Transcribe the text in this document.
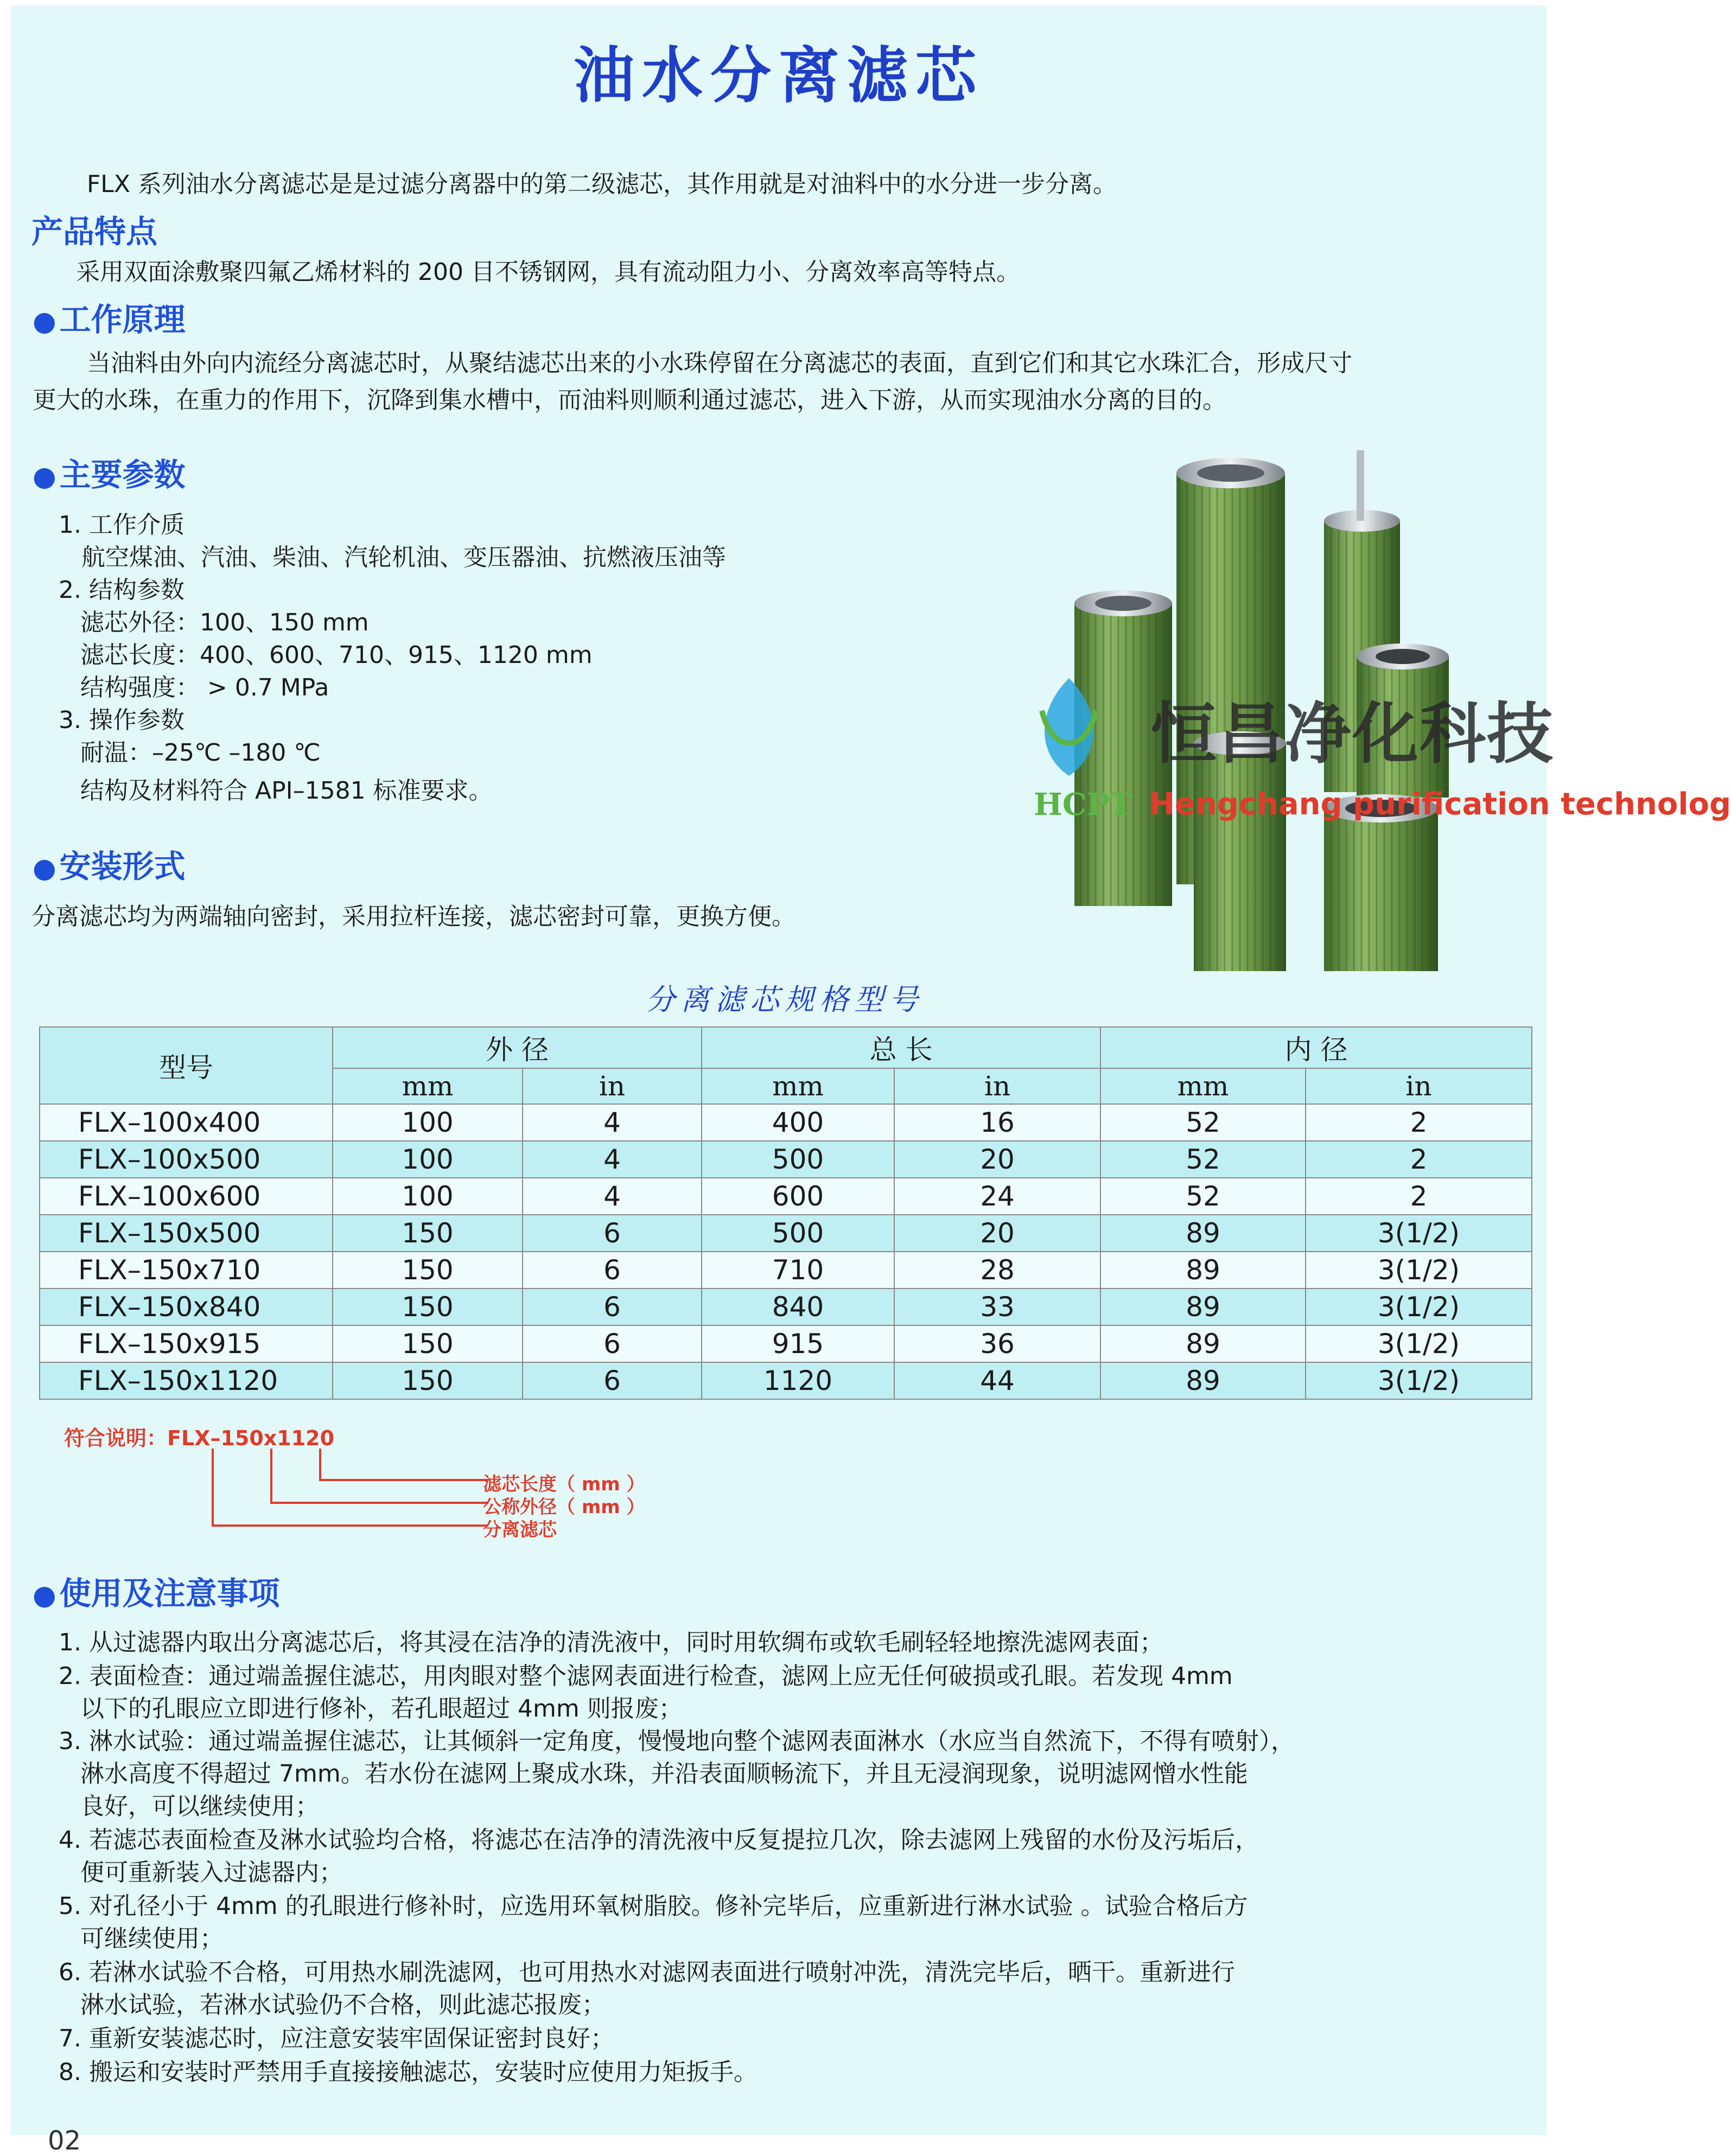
油水分离滤芯
FLX 系列油水分离滤芯是是过滤分离器中的第二级滤芯，其作用就是对油料中的水分进一步分离。
产品特点
采用双面涂敷聚四氟乙烯材料的 200 目不锈钢网，具有流动阻力小、分离效率高等特点。
● 工作原理
当油料由外向内流经分离滤芯时，从聚结滤芯出来的小水珠停留在分离滤芯的表面，直到它们和其它水珠汇合，形成尺寸
更大的水珠，在重力的作用下，沉降到集水槽中，而油料则顺利通过滤芯，进入下游，从而实现油水分离的目的。
● 主要参数
1. 工作介质
航空煤油、汽油、柴油、汽轮机油、变压器油、抗燃液压油等
2. 结构参数
滤芯外径：100、150 mm
滤芯长度：400、600、710、915、1120 mm
结构强度： > 0.7 MPa
3. 操作参数
耐温：–25℃ –180 ℃
结构及材料符合 API–1581 标准要求。
● 安装形式
分离滤芯均为两端轴向密封，采用拉杆连接，滤芯密封可靠，更换方便。
恒昌净化科技
HCPT Hengchang purification technolog
分离滤芯规格型号
型号	外 径		总 长		内 径	
	mm	in	mm	in	mm	in
FLX–100x400	100	4	400	16	52	2
FLX–100x500	100	4	500	20	52	2
FLX–100x600	100	4	600	24	52	2
FLX–150x500	150	6	500	20	89	3(1/2)
FLX–150x710	150	6	710	28	89	3(1/2)
FLX–150x840	150	6	840	33	89	3(1/2)
FLX–150x915	150	6	915	36	89	3(1/2)
FLX–150x1120	150	6	1120	44	89	3(1/2)
符合说明：FLX–150x1120
滤芯长度（ mm ）
公称外径（ mm ）
分离滤芯
● 使用及注意事项
1. 从过滤器内取出分离滤芯后，将其浸在洁净的清洗液中，同时用软绸布或软毛刷轻轻地擦洗滤网表面；
2. 表面检查：通过端盖握住滤芯，用肉眼对整个滤网表面进行检查，滤网上应无任何破损或孔眼。若发现 4mm
以下的孔眼应立即进行修补，若孔眼超过 4mm 则报废；
3. 淋水试验：通过端盖握住滤芯，让其倾斜一定角度，慢慢地向整个滤网表面淋水（水应当自然流下，不得有喷射），
淋水高度不得超过 7mm。若水份在滤网上聚成水珠，并沿表面顺畅流下，并且无浸润现象，说明滤网憎水性能
良好，可以继续使用；
4. 若滤芯表面检查及淋水试验均合格，将滤芯在洁净的清洗液中反复提拉几次，除去滤网上残留的水份及污垢后，
便可重新装入过滤器内；
5. 对孔径小于 4mm 的孔眼进行修补时，应选用环氧树脂胶。修补完毕后，应重新进行淋水试验 。试验合格后方
可继续使用；
6. 若淋水试验不合格，可用热水刷洗滤网，也可用热水对滤网表面进行喷射冲洗，清洗完毕后，晒干。重新进行
淋水试验，若淋水试验仍不合格，则此滤芯报废；
7. 重新安装滤芯时，应注意安装牢固保证密封良好；
8. 搬运和安装时严禁用手直接接触滤芯，安装时应使用力矩扳手。
02
